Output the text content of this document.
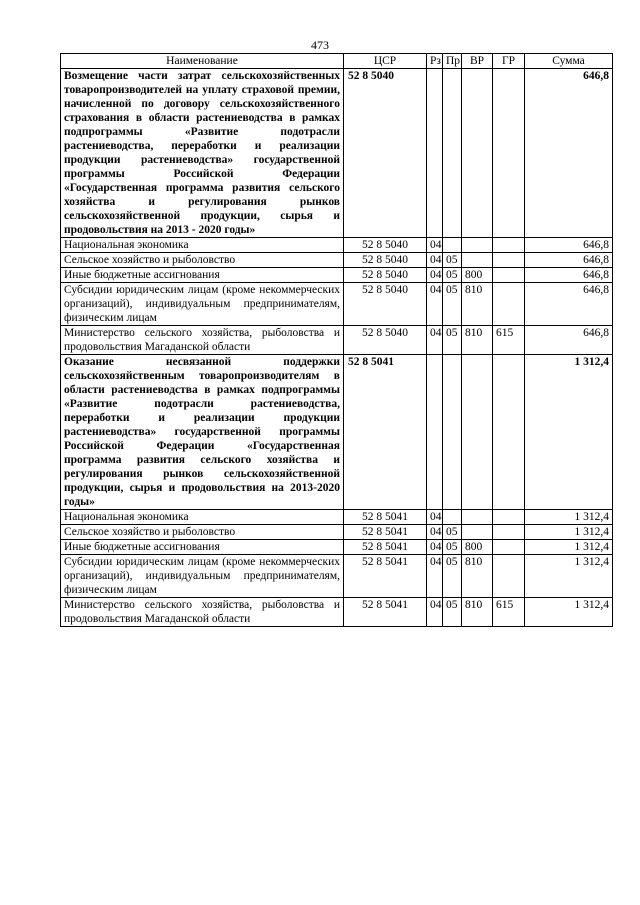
473
Наименование	ЦСР	Рз	Пр	ВР	ГР	Сумма
Возмещение части затрат сельскохозяйственных товаропроизводителей на уплату страховой премии, начисленной по договору сельскохозяйственного страхования в области растениеводства в рамках подпрограммы «Развитие подотрасли растениеводства, переработки и реализации продукции растениеводства» государственной программы Российской Федерации «Государственная программа развития сельского хозяйства и регулирования рынков сельскохозяйственной продукции, сырья и продовольствия на 2013 - 2020 годы»	52 8 5040					646,8
Национальная экономика	52 8 5040	04				646,8
Сельское хозяйство и рыболовство	52 8 5040	04	05			646,8
Иные бюджетные ассигнования	52 8 5040	04	05	800		646,8
Субсидии юридическим лицам (кроме некоммерческих организаций), индивидуальным предпринимателям, физическим лицам	52 8 5040	04	05	810		646,8
Министерство сельского хозяйства, рыболовства и продовольствия Магаданской области	52 8 5040	04	05	810	615	646,8
Оказание несвязанной поддержки сельскохозяйственным товаропроизводителям в области растениеводства в рамках подпрограммы «Развитие подотрасли растениеводства, переработки и реализации продукции растениеводства» государственной программы Российской Федерации «Государственная программа развития сельского хозяйства и регулирования рынков сельскохозяйственной продукции, сырья и продовольствия на 2013-2020 годы»	52 8 5041					1 312,4
Национальная экономика	52 8 5041	04				1 312,4
Сельское хозяйство и рыболовство	52 8 5041	04	05			1 312,4
Иные бюджетные ассигнования	52 8 5041	04	05	800		1 312,4
Субсидии юридическим лицам (кроме некоммерческих организаций), индивидуальным предпринимателям, физическим лицам	52 8 5041	04	05	810		1 312,4
Министерство сельского хозяйства, рыболовства и продовольствия Магаданской области	52 8 5041	04	05	810	615	1 312,4
